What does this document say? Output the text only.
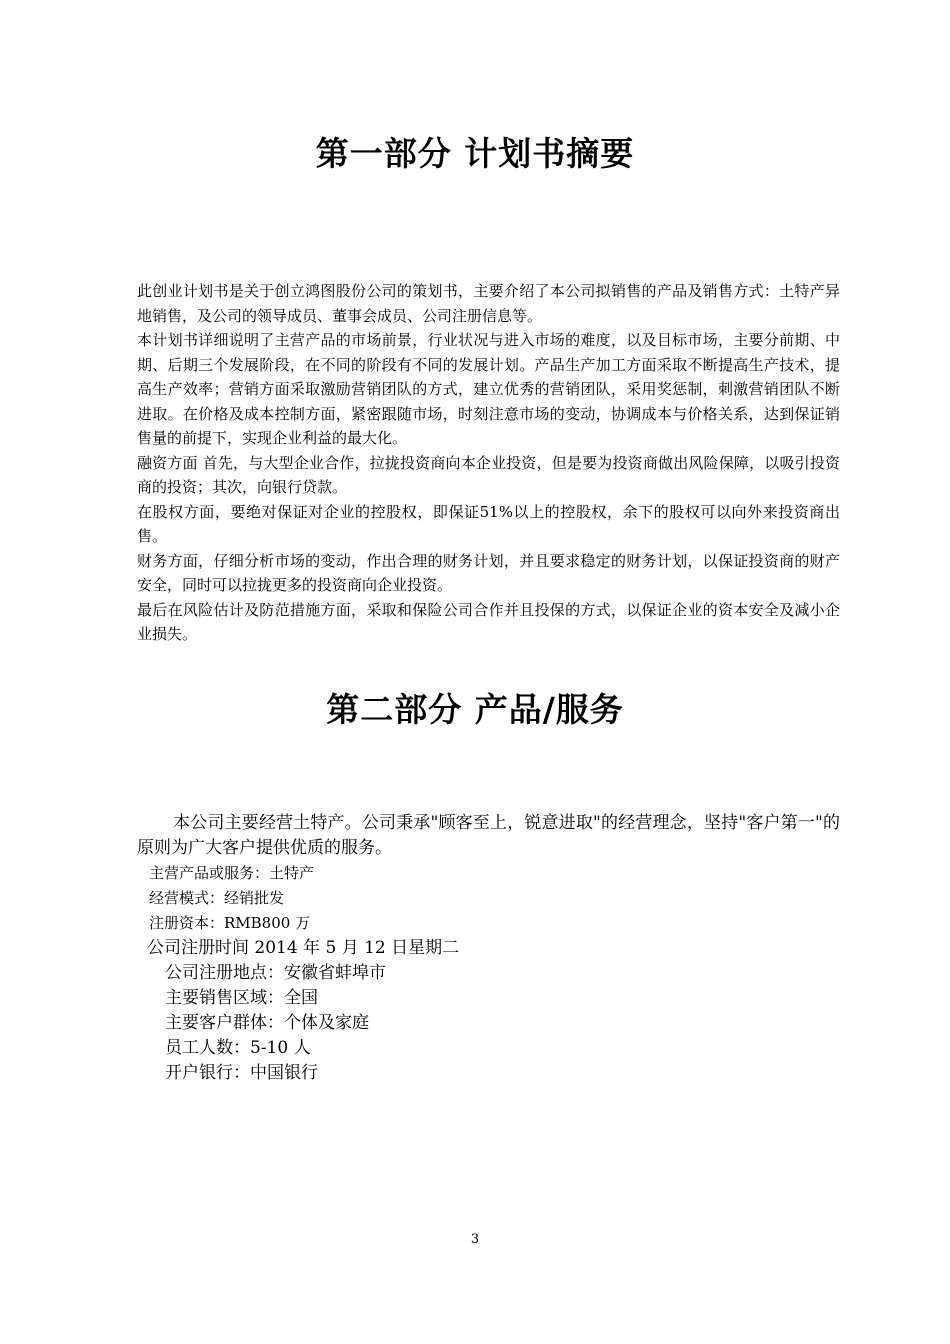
第一部分 计划书摘要

此创业计划书是关于创立鸿图股份公司的策划书，主要介绍了本公司拟销售的产品及销售方式：土特产异地销售，及公司的领导成员、董事会成员、公司注册信息等。

本计划书详细说明了主营产品的市场前景，行业状况与进入市场的难度，以及目标市场，主要分前期、中期、后期三个发展阶段，在不同的阶段有不同的发展计划。产品生产加工方面采取不断提高生产技术，提高生产效率；营销方面采取激励营销团队的方式，建立优秀的营销团队，采用奖惩制，刺激营销团队不断进取。在价格及成本控制方面，紧密跟随市场，时刻注意市场的变动，协调成本与价格关系，达到保证销售量的前提下，实现企业利益的最大化。

融资方面 首先，与大型企业合作，拉拢投资商向本企业投资，但是要为投资商做出风险保障，以吸引投资商的投资；其次，向银行贷款。

在股权方面，要绝对保证对企业的控股权，即保证51%以上的控股权，余下的股权可以向外来投资商出售。

财务方面，仔细分析市场的变动，作出合理的财务计划，并且要求稳定的财务计划，以保证投资商的财产安全，同时可以拉拢更多的投资商向企业投资。

最后在风险估计及防范措施方面，采取和保险公司合作并且投保的方式，以保证企业的资本安全及减小企业损失。

第二部分 产品/服务

本公司主要经营土特产。公司秉承"顾客至上，锐意进取"的经营理念，坚持"客户第一"的原则为广大客户提供优质的服务。

主营产品或服务：土特产

经营模式：经销批发

注册资本：RMB800 万

公司注册时间 2014 年 5 月 12 日星期二

公司注册地点：安徽省蚌埠市

主要销售区域：全国

主要客户群体：个体及家庭

员工人数：5-10 人

开户银行：中国银行

3
